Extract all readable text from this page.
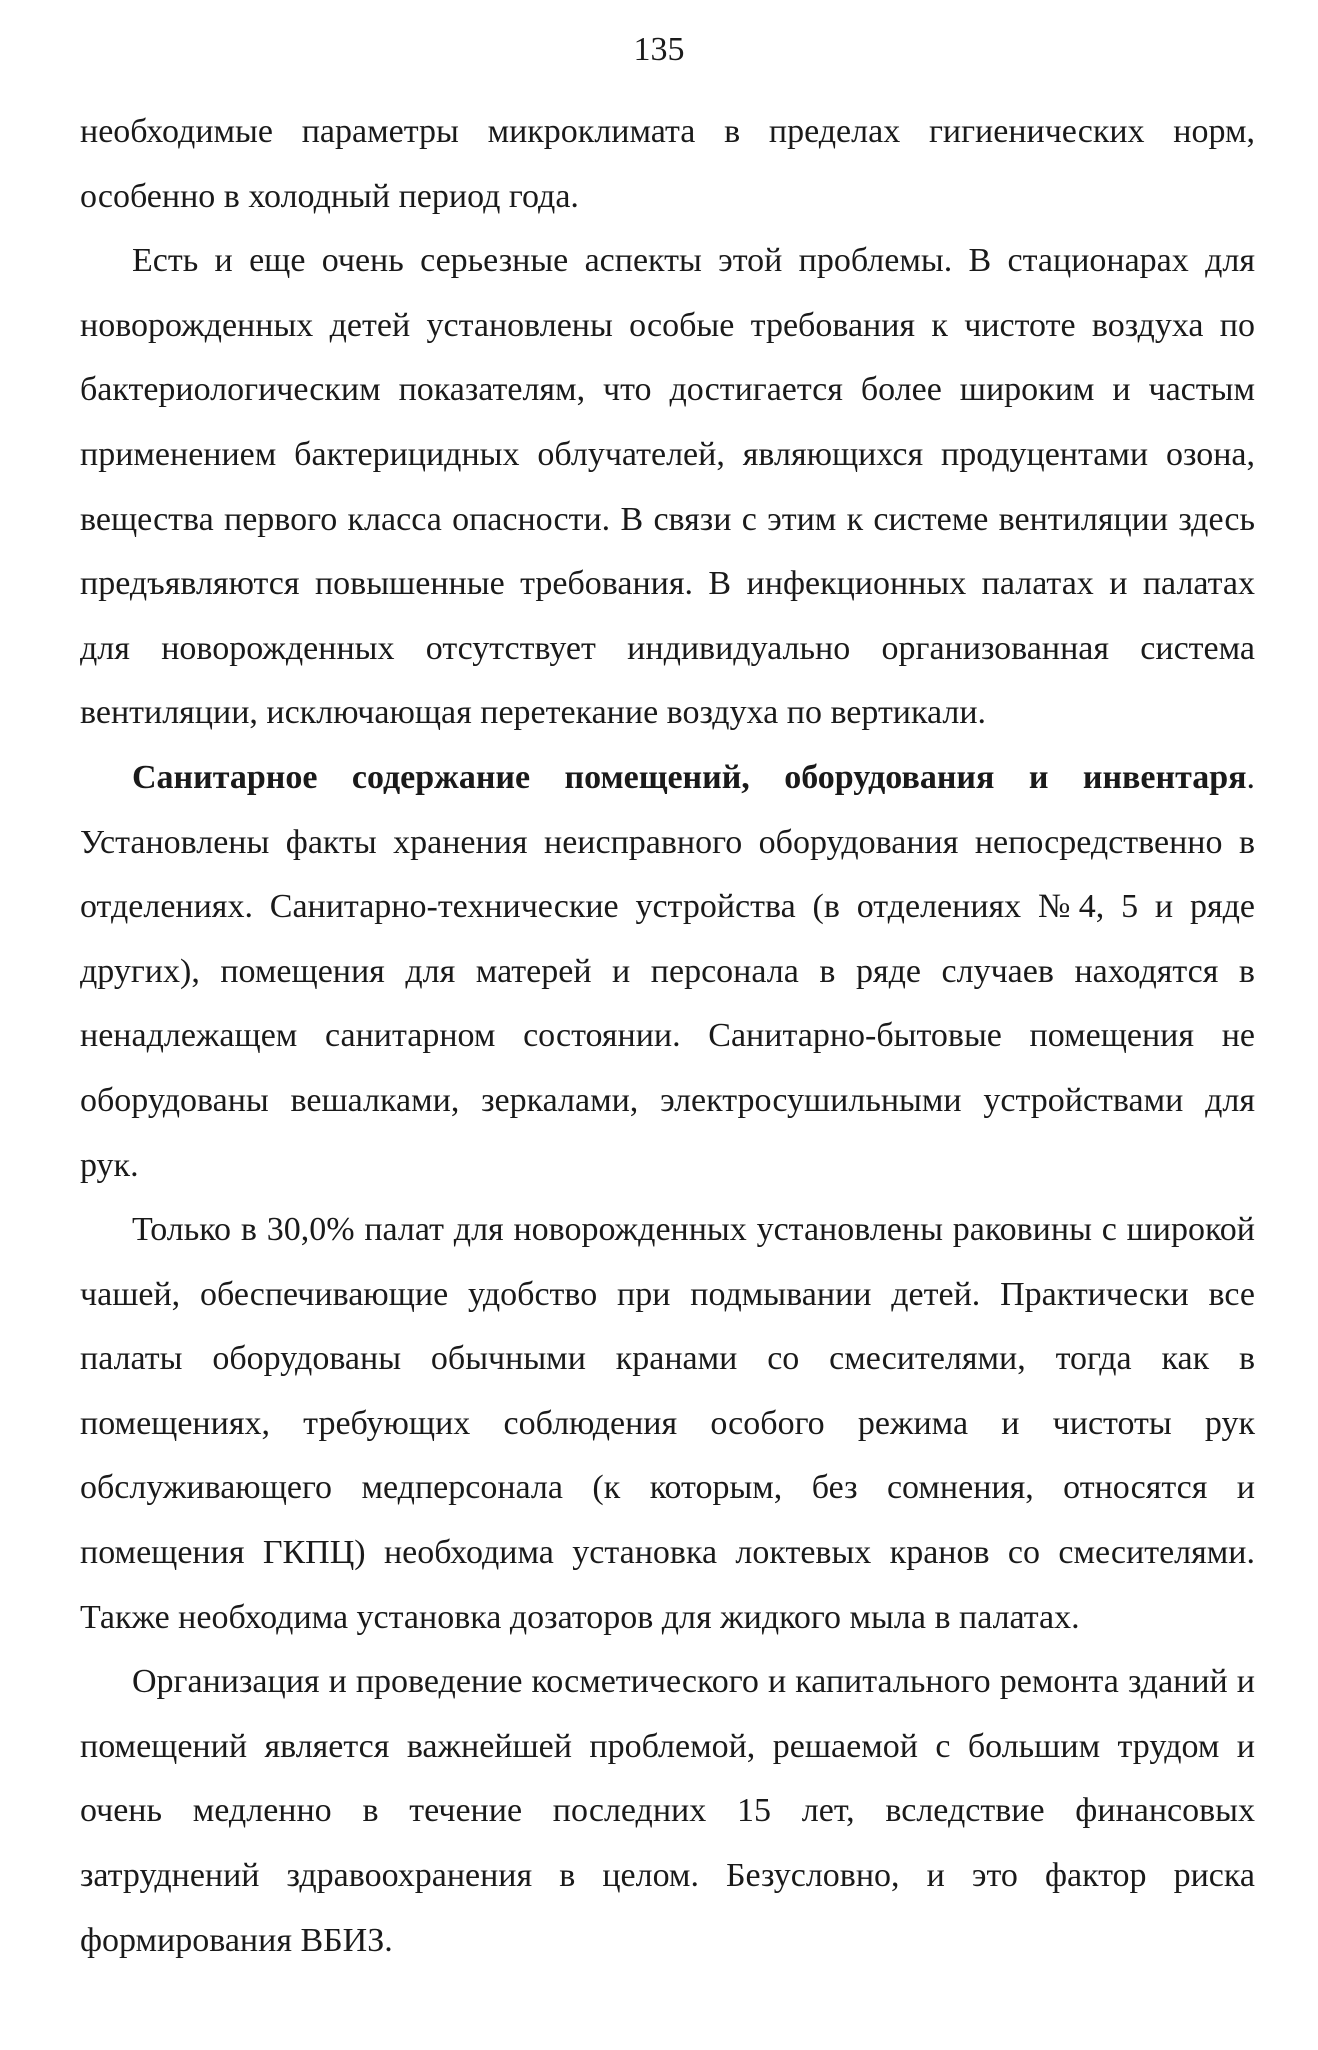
135

необходимые параметры микроклимата в пределах гигиенических норм, особенно в холодный период года.

Есть и еще очень серьезные аспекты этой проблемы. В стационарах для новорожденных детей установлены особые требования к чистоте воздуха по бактериологическим показателям, что достигается более широким и частым применением бактерицидных облучателей, являющихся продуцентами озона, вещества первого класса опасности. В связи с этим к системе вентиляции здесь предъявляются повышенные требования. В инфекционных палатах и палатах для новорожденных отсутствует индивидуально организованная система вентиляции, исключающая перетекание воздуха по вертикали.

Санитарное содержание помещений, оборудования и инвентаря. Установлены факты хранения неисправного оборудования непосредственно в отделениях. Санитарно-технические устройства (в отделениях №4, 5 и ряде других), помещения для матерей и персонала в ряде случаев находятся в ненадлежащем санитарном состоянии. Санитарно-бытовые помещения не оборудованы вешалками, зеркалами, электросушильными устройствами для рук.

Только в 30,0% палат для новорожденных установлены раковины с широкой чашей, обеспечивающие удобство при подмывании детей. Практически все палаты оборудованы обычными кранами со смесителями, тогда как в помещениях, требующих соблюдения особого режима и чистоты рук обслуживающего медперсонала (к которым, без сомнения, относятся и помещения ГКПЦ) необходима установка локтевых кранов со смесителями. Также необходима установка дозаторов для жидкого мыла в палатах.

Организация и проведение косметического и капитального ремонта зданий и помещений является важнейшей проблемой, решаемой с большим трудом и очень медленно в течение последних 15 лет, вследствие финансовых затруднений здравоохранения в целом. Безусловно, и это фактор риска формирования ВБИЗ.
